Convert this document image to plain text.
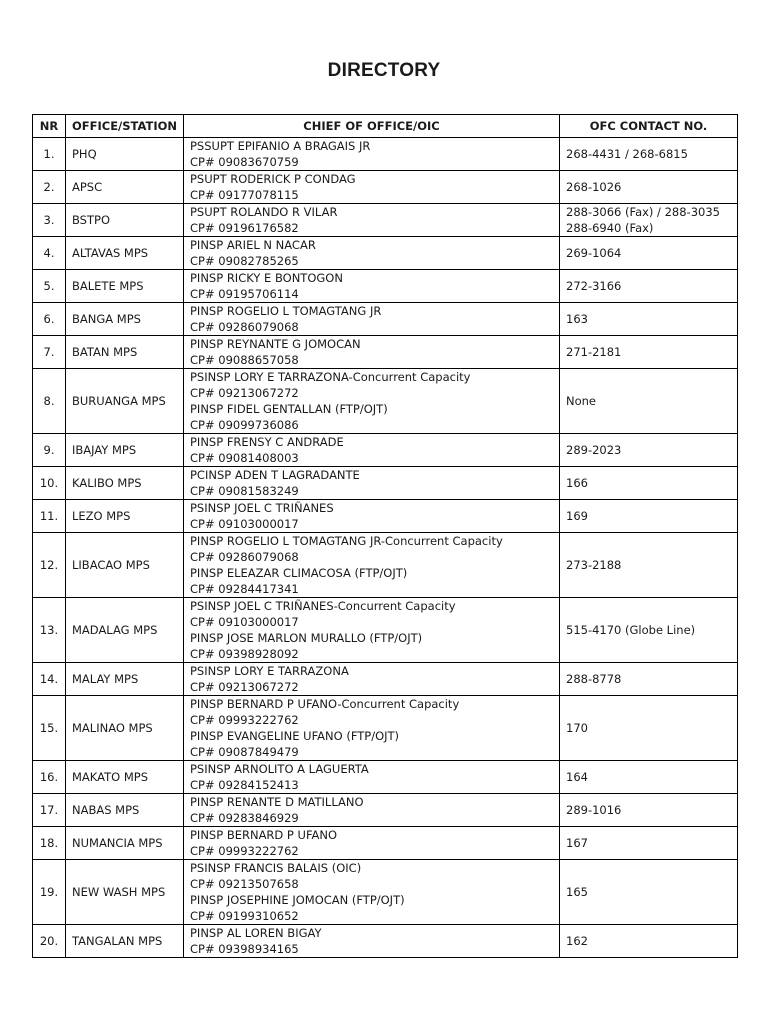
DIRECTORY
NR	OFFICE/STATION	CHIEF OF OFFICE/OIC	OFC CONTACT NO.
1.	PHQ	PSSUPT EPIFANIO A BRAGAIS JR
CP# 09083670759	268-4431 / 268-6815

2.	APSC	PSUPT RODERICK P CONDAG
CP# 09177078115	268-1026

3.	BSTPO	PSUPT ROLANDO R VILAR
CP# 09196176582	288-3066 (Fax) / 288-3035
288-6940 (Fax)

4.	ALTAVAS MPS	PINSP ARIEL N NACAR
CP# 09082785265	269-1064

5.	BALETE MPS	PINSP RICKY E BONTOGON
CP# 09195706114	272-3166

6.	BANGA MPS	PINSP ROGELIO L TOMAGTANG JR
CP# 09286079068	163

7.	BATAN MPS	PINSP REYNANTE G JOMOCAN
CP# 09088657058	271-2181

8.	BURUANGA MPS	PSINSP LORY E TARRAZONA-Concurrent Capacity
CP# 09213067272
PINSP FIDEL GENTALLAN (FTP/OJT)
CP# 09099736086	None

9.	IBAJAY MPS	PINSP FRENSY C ANDRADE
CP# 09081408003	289-2023

10.	KALIBO MPS	PCINSP ADEN T LAGRADANTE
CP# 09081583249	166

11.	LEZO MPS	PSINSP JOEL C TRIÑANES
CP# 09103000017	169

12.	LIBACAO MPS	PINSP ROGELIO L TOMAGTANG JR-Concurrent Capacity
CP# 09286079068
PINSP ELEAZAR CLIMACOSA (FTP/OJT)
CP# 09284417341	273-2188

13.	MADALAG MPS	PSINSP JOEL C TRIÑANES-Concurrent Capacity
CP# 09103000017
PINSP JOSE MARLON MURALLO (FTP/OJT)
CP# 09398928092	515-4170 (Globe Line)

14.	MALAY MPS	PSINSP LORY E TARRAZONA
CP# 09213067272	288-8778

15.	MALINAO MPS	PINSP BERNARD P UFANO-Concurrent Capacity
CP# 09993222762
PINSP EVANGELINE UFANO (FTP/OJT)
CP# 09087849479	170

16.	MAKATO MPS	PSINSP ARNOLITO A LAGUERTA
CP# 09284152413	164

17.	NABAS MPS	PINSP RENANTE D MATILLANO
CP# 09283846929	289-1016

18.	NUMANCIA MPS	PINSP BERNARD P UFANO
CP# 09993222762	167

19.	NEW WASH MPS	PSINSP FRANCIS BALAIS (OIC)
CP# 09213507658
PINSP JOSEPHINE JOMOCAN (FTP/OJT)
CP# 09199310652	165

20.	TANGALAN MPS	PINSP AL LOREN BIGAY
CP# 09398934165	162
